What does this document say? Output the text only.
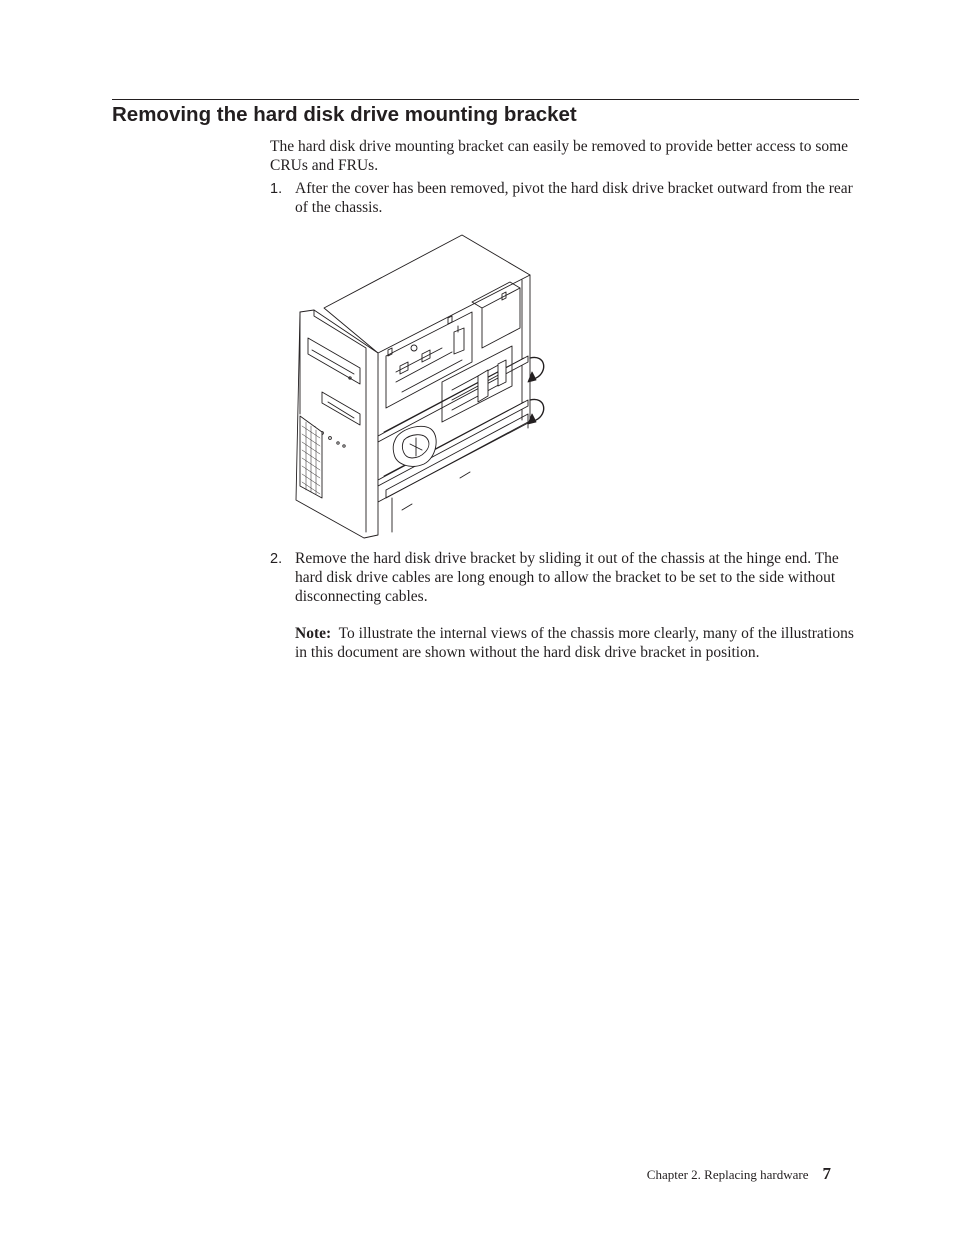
Removing the hard disk drive mounting bracket

The hard disk drive mounting bracket can easily be removed to provide better access to some CRUs and FRUs.

1. After the cover has been removed, pivot the hard disk drive bracket outward from the rear of the chassis.

2. Remove the hard disk drive bracket by sliding it out of the chassis at the hinge end. The hard disk drive cables are long enough to allow the bracket to be set to the side without disconnecting cables.

Note: To illustrate the internal views of the chassis more clearly, many of the illustrations in this document are shown without the hard disk drive bracket in position.

Chapter 2. Replacing hardware 7
